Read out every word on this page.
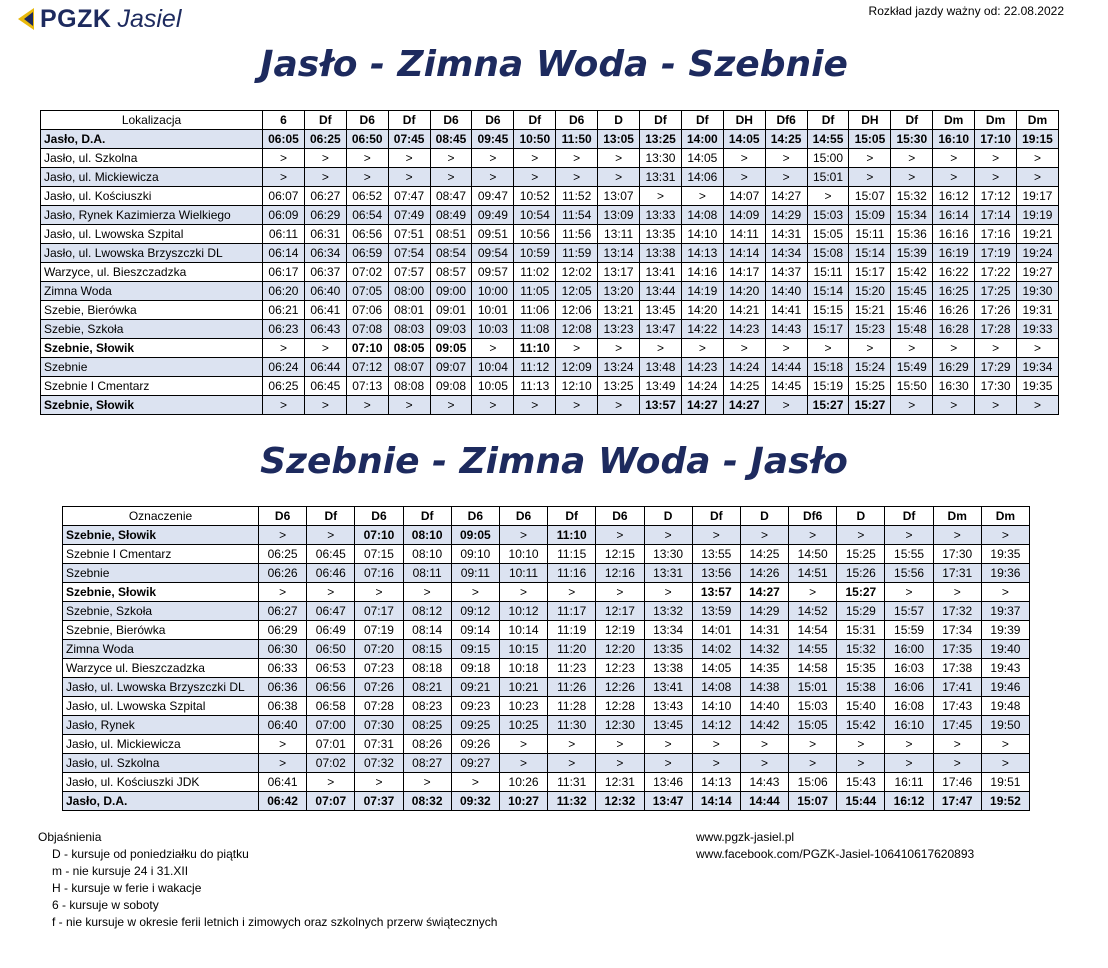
PGZK Jasiel	Rozkład jazdy ważny od: 22.08.2022
Jasło - Zimna Woda - Szebnie
Lokalizacja	6	Df	D6	Df	D6	D6	Df	D6	D	Df	Df	DH	Df6	Df	DH	Df	Dm	Dm	Dm
Jasło, D.A.	06:05	06:25	06:50	07:45	08:45	09:45	10:50	11:50	13:05	13:25	14:00	14:05	14:25	14:55	15:05	15:30	16:10	17:10	19:15
Jasło, ul. Szkolna	>	>	>	>	>	>	>	>	>	13:30	14:05	>	>	15:00	>	>	>	>	>
Jasło, ul. Mickiewicza	>	>	>	>	>	>	>	>	>	13:31	14:06	>	>	15:01	>	>	>	>	>
Jasło, ul. Kościuszki	06:07	06:27	06:52	07:47	08:47	09:47	10:52	11:52	13:07	>	>	14:07	14:27	>	15:07	15:32	16:12	17:12	19:17
Jasło, Rynek Kazimierza Wielkiego	06:09	06:29	06:54	07:49	08:49	09:49	10:54	11:54	13:09	13:33	14:08	14:09	14:29	15:03	15:09	15:34	16:14	17:14	19:19
Jasło, ul. Lwowska Szpital	06:11	06:31	06:56	07:51	08:51	09:51	10:56	11:56	13:11	13:35	14:10	14:11	14:31	15:05	15:11	15:36	16:16	17:16	19:21
Jasło, ul. Lwowska Brzyszczki DL	06:14	06:34	06:59	07:54	08:54	09:54	10:59	11:59	13:14	13:38	14:13	14:14	14:34	15:08	15:14	15:39	16:19	17:19	19:24
Warzyce, ul. Bieszczadzka	06:17	06:37	07:02	07:57	08:57	09:57	11:02	12:02	13:17	13:41	14:16	14:17	14:37	15:11	15:17	15:42	16:22	17:22	19:27
Zimna Woda	06:20	06:40	07:05	08:00	09:00	10:00	11:05	12:05	13:20	13:44	14:19	14:20	14:40	15:14	15:20	15:45	16:25	17:25	19:30
Szebie, Bierówka	06:21	06:41	07:06	08:01	09:01	10:01	11:06	12:06	13:21	13:45	14:20	14:21	14:41	15:15	15:21	15:46	16:26	17:26	19:31
Szebie, Szkoła	06:23	06:43	07:08	08:03	09:03	10:03	11:08	12:08	13:23	13:47	14:22	14:23	14:43	15:17	15:23	15:48	16:28	17:28	19:33
Szebnie, Słowik	>	>	07:10	08:05	09:05	>	11:10	>	>	>	>	>	>	>	>	>	>	>	>
Szebnie	06:24	06:44	07:12	08:07	09:07	10:04	11:12	12:09	13:24	13:48	14:23	14:24	14:44	15:18	15:24	15:49	16:29	17:29	19:34
Szebnie I Cmentarz	06:25	06:45	07:13	08:08	09:08	10:05	11:13	12:10	13:25	13:49	14:24	14:25	14:45	15:19	15:25	15:50	16:30	17:30	19:35
Szebnie, Słowik	>	>	>	>	>	>	>	>	>	13:57	14:27	14:27	>	15:27	15:27	>	>	>	>
Szebnie - Zimna Woda - Jasło
Oznaczenie	D6	Df	D6	Df	D6	D6	Df	D6	D	Df	D	Df6	D	Df	Dm	Dm
Szebnie, Słowik	>	>	07:10	08:10	09:05	>	11:10	>	>	>	>	>	>	>	>	>
Szebnie I Cmentarz	06:25	06:45	07:15	08:10	09:10	10:10	11:15	12:15	13:30	13:55	14:25	14:50	15:25	15:55	17:30	19:35
Szebnie	06:26	06:46	07:16	08:11	09:11	10:11	11:16	12:16	13:31	13:56	14:26	14:51	15:26	15:56	17:31	19:36
Szebnie, Słowik	>	>	>	>	>	>	>	>	>	13:57	14:27	>	15:27	>	>	>
Szebnie, Szkoła	06:27	06:47	07:17	08:12	09:12	10:12	11:17	12:17	13:32	13:59	14:29	14:52	15:29	15:57	17:32	19:37
Szebnie, Bierówka	06:29	06:49	07:19	08:14	09:14	10:14	11:19	12:19	13:34	14:01	14:31	14:54	15:31	15:59	17:34	19:39
Zimna Woda	06:30	06:50	07:20	08:15	09:15	10:15	11:20	12:20	13:35	14:02	14:32	14:55	15:32	16:00	17:35	19:40
Warzyce ul. Bieszczadzka	06:33	06:53	07:23	08:18	09:18	10:18	11:23	12:23	13:38	14:05	14:35	14:58	15:35	16:03	17:38	19:43
Jasło, ul. Lwowska Brzyszczki DL	06:36	06:56	07:26	08:21	09:21	10:21	11:26	12:26	13:41	14:08	14:38	15:01	15:38	16:06	17:41	19:46
Jasło, ul. Lwowska Szpital	06:38	06:58	07:28	08:23	09:23	10:23	11:28	12:28	13:43	14:10	14:40	15:03	15:40	16:08	17:43	19:48
Jasło, Rynek	06:40	07:00	07:30	08:25	09:25	10:25	11:30	12:30	13:45	14:12	14:42	15:05	15:42	16:10	17:45	19:50
Jasło, ul. Mickiewicza	>	07:01	07:31	08:26	09:26	>	>	>	>	>	>	>	>	>	>	>
Jasło, ul. Szkolna	>	07:02	07:32	08:27	09:27	>	>	>	>	>	>	>	>	>	>	>
Jasło, ul. Kościuszki JDK	06:41	>	>	>	>	10:26	11:31	12:31	13:46	14:13	14:43	15:06	15:43	16:11	17:46	19:51
Jasło, D.A.	06:42	07:07	07:37	08:32	09:32	10:27	11:32	12:32	13:47	14:14	14:44	15:07	15:44	16:12	17:47	19:52
Objaśnienia
D - kursuje od poniedziałku do piątku
m - nie kursuje 24 i 31.XII
H - kursuje w ferie i wakacje
6 - kursuje w soboty
f - nie kursuje w okresie ferii letnich i zimowych oraz szkolnych przerw świątecznych
www.pgzk-jasiel.pl
www.facebook.com/PGZK-Jasiel-106410617620893
